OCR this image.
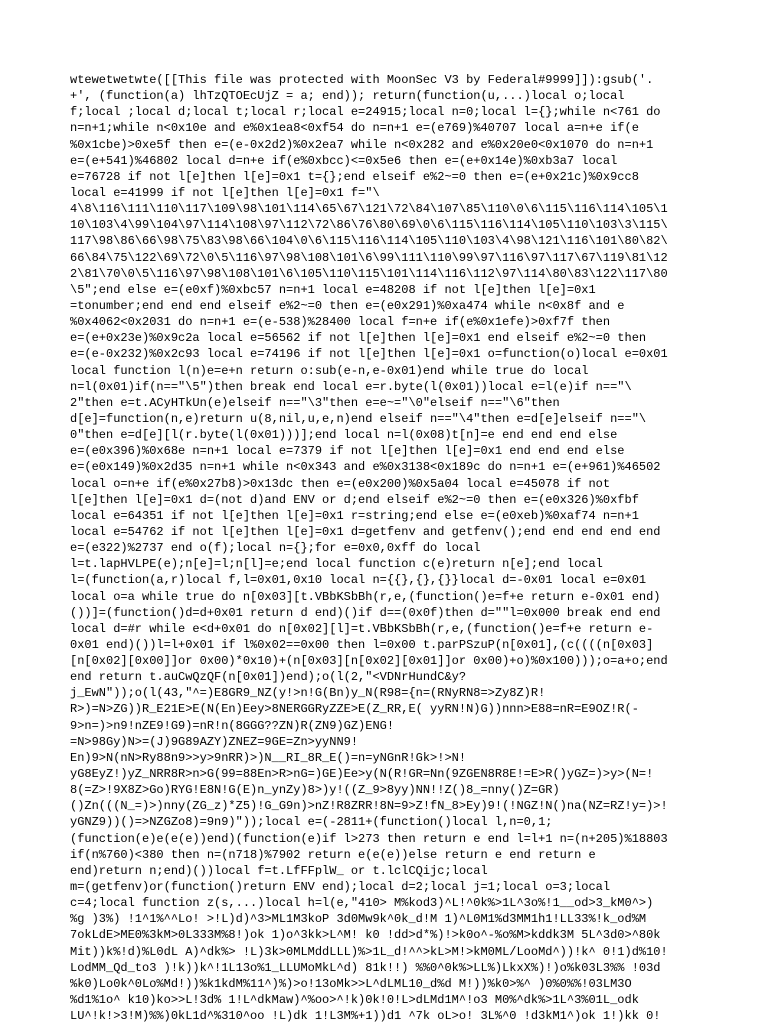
wtewetwetwte([[This file was protected with MoonSec V3 by Federal#9999]]):gsub('.
+', (function(a) lhTzQTOEcUjZ = a; end)); return(function(u,...)local o;local
f;local ;local d;local t;local r;local e=24915;local n=0;local l={};while n<761 do
n=n+1;while n<0x10e and e%0x1ea8<0xf54 do n=n+1 e=(e769)%40707 local a=n+e if(e
%0x1cbe)>0xe5f then e=(e-0x2d2)%0x2ea7 while n<0x282 and e%0x20e0<0x1070 do n=n+1
e=(e+541)%46802 local d=n+e if(e%0xbcc)<=0x5e6 then e=(e+0x14e)%0xb3a7 local
e=76728 if not l[e]then l[e]=0x1 t={};end elseif e%2~=0 then e=(e+0x21c)%0x9cc8
local e=41999 if not l[e]then l[e]=0x1 f="\
4\8\116\111\110\117\109\98\101\114\65\67\121\72\84\107\85\110\0\6\115\116\114\105\1
10\103\4\99\104\97\114\108\97\112\72\86\76\80\69\0\6\115\116\114\105\110\103\3\115\
117\98\86\66\98\75\83\98\66\104\0\6\115\116\114\105\110\103\4\98\121\116\101\80\82\
66\84\75\122\69\72\0\5\116\97\98\108\101\6\99\111\110\99\97\116\97\117\67\119\81\12
2\81\70\0\5\116\97\98\108\101\6\105\110\115\101\114\116\112\97\114\80\83\122\117\80
\5";end else e=(e0xf)%0xbc57 n=n+1 local e=48208 if not l[e]then l[e]=0x1
=tonumber;end end end elseif e%2~=0 then e=(e0x291)%0xa474 while n<0x8f and e
%0x4062<0x2031 do n=n+1 e=(e-538)%28400 local f=n+e if(e%0x1efe)>0xf7f then
e=(e+0x23e)%0x9c2a local e=56562 if not l[e]then l[e]=0x1 end elseif e%2~=0 then
e=(e-0x232)%0x2c93 local e=74196 if not l[e]then l[e]=0x1 o=function(o)local e=0x01
local function l(n)e=e+n return o:sub(e-n,e-0x01)end while true do local
n=l(0x01)if(n=="\5")then break end local e=r.byte(l(0x01))local e=l(e)if n=="\
2"then e=t.ACyHTkUn(e)elseif n=="\3"then e=e~="\0"elseif n=="\6"then
d[e]=function(n,e)return u(8,nil,u,e,n)end elseif n=="\4"then e=d[e]elseif n=="\
0"then e=d[e][l(r.byte(l(0x01)))];end local n=l(0x08)t[n]=e end end end else
e=(e0x396)%0x68e n=n+1 local e=7379 if not l[e]then l[e]=0x1 end end end else
e=(e0x149)%0x2d35 n=n+1 while n<0x343 and e%0x3138<0x189c do n=n+1 e=(e+961)%46502
local o=n+e if(e%0x27b8)>0x13dc then e=(e0x200)%0x5a04 local e=45078 if not
l[e]then l[e]=0x1 d=(not d)and ENV or d;end elseif e%2~=0 then e=(e0x326)%0xfbf
local e=64351 if not l[e]then l[e]=0x1 r=string;end else e=(e0xeb)%0xaf74 n=n+1
local e=54762 if not l[e]then l[e]=0x1 d=getfenv and getfenv();end end end end end
e=(e322)%2737 end o(f);local n={};for e=0x0,0xff do local
l=t.lapHVLPE(e);n[e]=l;n[l]=e;end local function c(e)return n[e];end local
l=(function(a,r)local f,l=0x01,0x10 local n={{},{},{}}local d=-0x01 local e=0x01
local o=a while true do n[0x03][t.VBbKSbBh(r,e,(function()e=f+e return e-0x01 end)
())]=(function()d=d+0x01 return d end)()if d==(0x0f)then d=""l=0x000 break end end
local d=#r while e<d+0x01 do n[0x02][l]=t.VBbKSbBh(r,e,(function()e=f+e return e-
0x01 end)())l=l+0x01 if l%0x02==0x00 then l=0x00 t.parPSzuP(n[0x01],(c((((n[0x03]
[n[0x02][0x00]]or 0x00)*0x10)+(n[0x03][n[0x02][0x01]]or 0x00)+o)%0x100)));o=a+o;end
end return t.auCwQzQF(n[0x01])end);o(l(2,"<VDNrHundC&y?
j_EwN"));o(l(43,"^=)E8GR9_NZ(y!>n!G(Bn)y_N(R98={n=(RNyRN8=>Zy8Z)R!
R>)=N>ZG))R_E21E>E(N(En)Eey>8NERGGRyZZE>E(Z_RR,E( yyRN!N)G))nnn>E88=nR=E9OZ!R(-
9>n=)>n9!nZE9!G9)=nR!n(8GGG??ZN)R(ZN9)GZ)ENG!
=N>98Gy)N>=(J)9G89AZY)ZNEZ=9GE=Zn>yyNN9!
En)9>N(nN>Ry88n9>>y>9nRR)>)N__RI_8R_E()=n=yNGnR!Gk>!>N!
yG8EyZ!)yZ_NRR8R>n>G(99=88En>R>nG=)GE)Ee>y(N(R!GR=Nn(9ZGEN8R8E!=E>R()yGZ=)>y>(N=!
8(=Z>!9X8Z>Go)RYG!E8N!G(E)n_ynZy)8>)y!((Z_9>8yy)NN!!Z()8_=nny()Z=GR)
()Zn(((N_=)>)nny(ZG_z)*Z5)!G_G9n)>nZ!R8ZRR!8N=9>Z!fN_8>Ey)9!(!NGZ!N()na(NZ=RZ!y=)>!
yGNZ9))()=>NZGZo8)=9n9)"));local e=(-2811+(function()local l,n=0,1;
(function(e)e(e(e))end)(function(e)if l>273 then return e end l=l+1 n=(n+205)%18803
if(n%760)<380 then n=(n718)%7902 return e(e(e))else return e end return e
end)return n;end)())local f=t.LfFFplW_ or t.lclCQijc;local
m=(getfenv)or(function()return ENV end);local d=2;local j=1;local o=3;local
c=4;local function z(s,...)local h=l(e,"410> M%kod3)^L!^0k%>1L^3o%!1__od>3_kM0^>)
%g )3%) !1^1%^^Lo! >!L)d)^3>ML1M3koP 3d0Mw9k^0k_d!M 1)^L0M1%d3MM1h1!LL33%!k_od%M
7okLdE>ME0%3kM>0L333M%8!)ok 1)o^3kk>L^M! k0 !dd>d*%)!>k0o^-%o%M>kddk3M 5L^3d0>^80k
Mit))k%!d)%L0dL A)^dk%> !L)3k>0MLMddLLL)%>1L_d!^^>kL>M!>kM0ML/LooMd^))!k^ 0!1)d%10!
LodMM_Qd_to3 )!k))k^!1L13o%1_LLUMoMkL^d) 81k!!) %%0^0k%>LL%)LkxX%)!)o%k03L3%% !03d
%k0)Lo0k^0Lo%Md!))%k1kdM%11^)%)>o!13oMk>>L^dLML10_d%d M!))%k0>%^ )0%0%%!03LM3O
%d1%1o^ k10)ko>>L!3d% 1!L^dkMaw)^%oo>^!k)0k!0!L>dLMd1M^!o3 M0%^dk%>1L^3%01L_odk
LU^!k!>3!M)%%)0kL1d^%310^oo !L)dk 1!L3M%+1))d1 ^7k oL>o! 3L%^0 !d3kM1^)ok 1!)kk 0!
